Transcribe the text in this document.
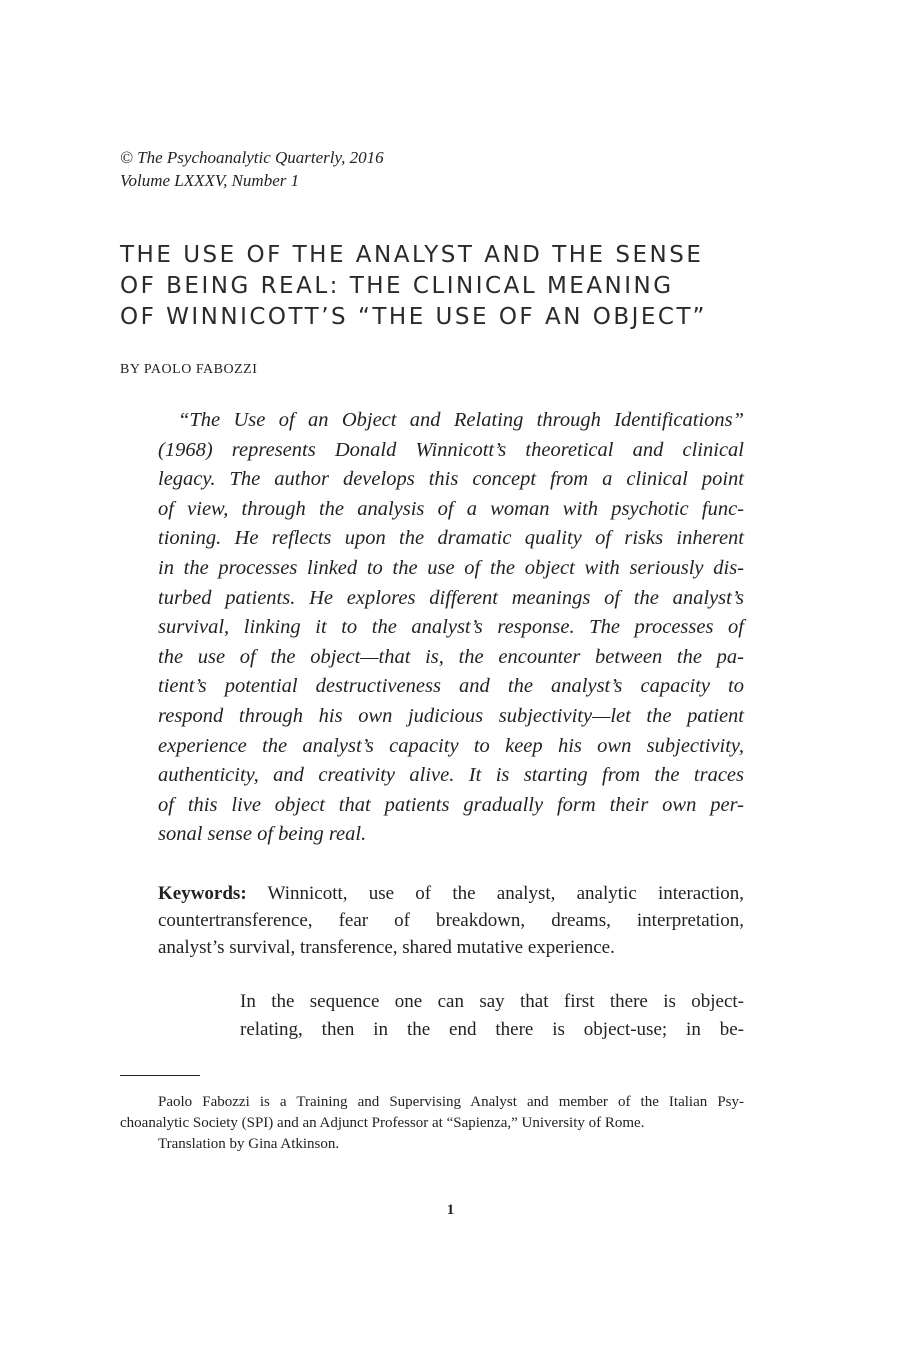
© The Psychoanalytic Quarterly, 2016
Volume LXXXV, Number 1
THE USE OF THE ANALYST AND THE SENSE
OF BEING REAL: THE CLINICAL MEANING
OF WINNICOTT’S “THE USE OF AN OBJECT”
BY PAOLO FABOZZI
“The Use of an Object and Relating through Identifications”
(1968) represents Donald Winnicott’s theoretical and clinical
legacy. The author develops this concept from a clinical point
of view, through the analysis of a woman with psychotic func-
tioning. He reflects upon the dramatic quality of risks inherent
in the processes linked to the use of the object with seriously dis-
turbed patients. He explores different meanings of the analyst’s
survival, linking it to the analyst’s response. The processes of
the use of the object—that is, the encounter between the pa-
tient’s potential destructiveness and the analyst’s capacity to
respond through his own judicious subjectivity—let the patient
experience the analyst’s capacity to keep his own subjectivity,
authenticity, and creativity alive. It is starting from the traces
of this live object that patients gradually form their own per-
sonal sense of being real.
Keywords: Winnicott, use of the analyst, analytic interaction,
countertransference, fear of breakdown, dreams, interpretation,
analyst’s survival, transference, shared mutative experience.
In the sequence one can say that first there is object-
relating, then in the end there is object-use; in be-
Paolo Fabozzi is a Training and Supervising Analyst and member of the Italian Psy-
choanalytic Society (SPI) and an Adjunct Professor at “Sapienza,” University of Rome.
Translation by Gina Atkinson.
1
